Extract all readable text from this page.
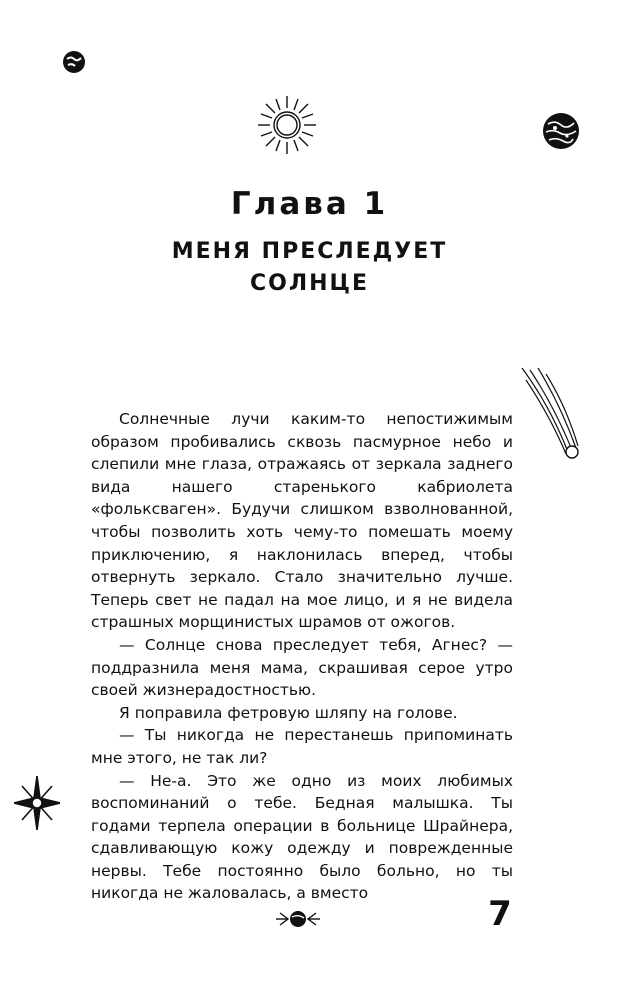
Глава 1
МЕНЯ ПРЕСЛЕДУЕТ
СОЛНЦЕ

Солнечные лучи каким-то непостижимым образом пробивались сквозь пасмурное небо и слепили мне глаза, отражаясь от зеркала заднего вида нашего старенького кабриолета «фольксваген». Будучи слишком взволнованной, чтобы позволить хоть чему-то помешать моему приключению, я наклонилась вперед, чтобы отвернуть зеркало. Стало значительно лучше. Теперь свет не падал на мое лицо, и я не видела страшных морщинистых шрамов от ожогов.

— Солнце снова преследует тебя, Агнес? — поддразнила меня мама, скрашивая серое утро своей жизнерадостностью.

Я поправила фетровую шляпу на голове.

— Ты никогда не перестанешь припоминать мне этого, не так ли?

— Не-а. Это же одно из моих любимых воспоминаний о тебе. Бедная малышка. Ты годами терпела операции в больнице Шрайнера, сдавливающую кожу одежду и поврежденные нервы. Тебе постоянно было больно, но ты никогда не жаловалась, а вместо

7
